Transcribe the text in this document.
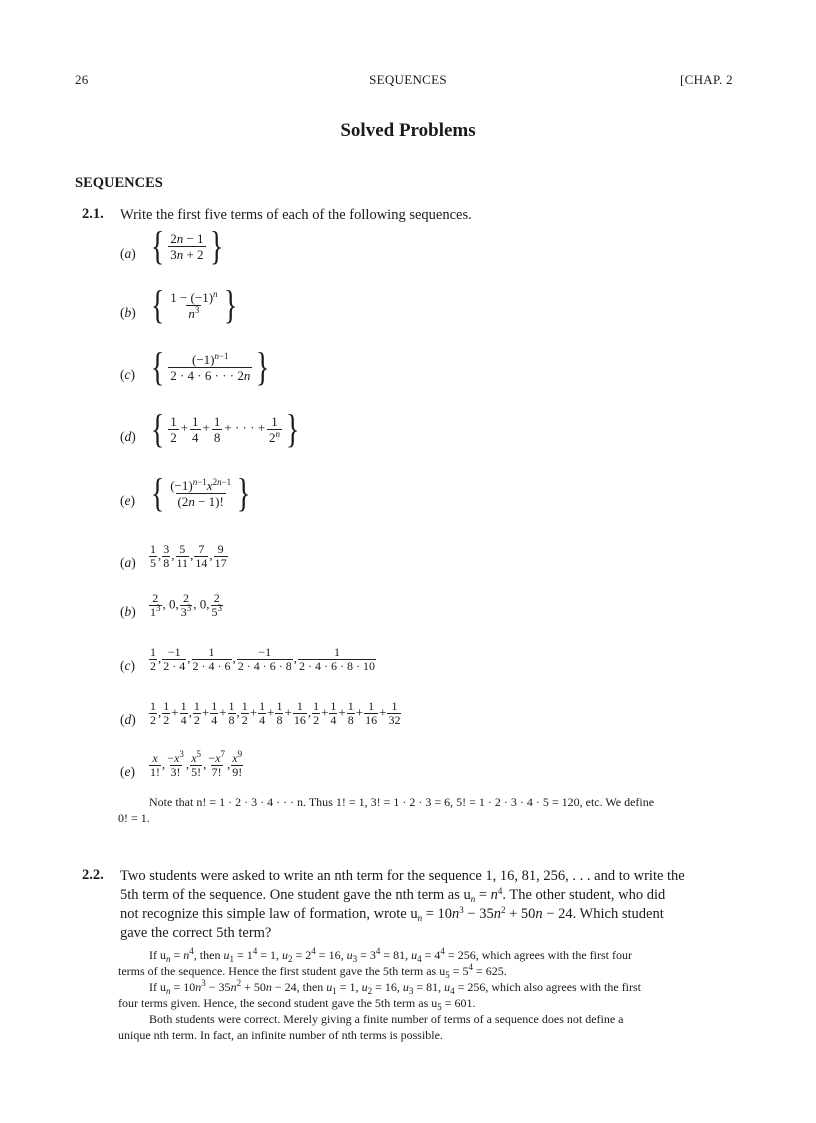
26	SEQUENCES	[CHAP. 2
Solved Problems
SEQUENCES
2.1. Write the first five terms of each of the following sequences.
(a) { $\frac{2n - 1}{3n + 2}$ }
(b) { $\frac{1 - (-1)^n}{n^3}$ }
(c) { $\frac{(-1)^{n-1}}{2 \cdot 4 \cdot 6 \cdot \cdot \cdot 2n}$ }
(d) { $\frac{1}{2} + \frac{1}{4} + \frac{1}{8}$ + · · · + $\frac{1}{2^n}$ }
(e) { $\frac{(-1)^{n-1}x^{2n-1}}{(2n - 1)!}$ }
$(a) \frac{1}{5}$ , $\frac{3}{8}$ , $\frac{5}{11}$ , $\frac{7}{14}$ , $\frac{9}{17}$
$(b) \frac{2}{1^3}$ , 0, $\frac{2}{3^3}$ , 0, $\frac{2}{5^3}$
$(c) \frac{1}{2}$ , $\frac{-1}{2 \cdot 4}$ , $\frac{1}{2 \cdot 4 \cdot 6}$ , $\frac{-1}{2 \cdot 4 \cdot 6 \cdot 8}$ , $\frac{1}{2 \cdot 4 \cdot 6 \cdot 8 \cdot 10}$
$(d) \frac{1}{2}$ , $\frac{1}{2} + \frac{1}{4}$ , $\frac{1}{2} + \frac{1}{4} + \frac{1}{8}$ , $\frac{1}{2} + \frac{1}{4} + \frac{1}{8} + \frac{1}{16}$ , $\frac{1}{2} + \frac{1}{4} + \frac{1}{8} + \frac{1}{16} + \frac{1}{32}$
$(e) \frac{x}{1!}$ , $\frac{-x^3}{3!}$ , $\frac{x^5}{5!}$ , $\frac{-x^7}{7!}$ , $\frac{x^9}{9!}$
Note that n! = 1 · 2 · 3 · 4 · · · n. Thus 1! = 1, 3! = 1 · 2 · 3 = 6, 5! = 1 · 2 · 3 · 4 · 5 = 120, etc. We define
0! = 1.
2.2. Two students were asked to write an nth term for the sequence 1, 16, 81, 256, . . . and to write the
5th term of the sequence. One student gave the nth term as $u_n = n^4$. The other student, who did
not recognize this simple law of formation, wrote $u_n = 10n^3 - 35n^2 + 50n - 24$. Which student
gave the correct 5th term?
If $u_n = n^4$, then $u_1 = 1^4 = 1$, $u_2 = 2^4 = 16$, $u_3 = 3^4 = 81$, $u_4 = 4^4 = 256$, which agrees with the first four
terms of the sequence. Hence the first student gave the 5th term as $u_5 = 5^4 = 625$.
If $u_n = 10n^3 - 35n^2 + 50n - 24$, then $u_1 = 1$, $u_2 = 16$, $u_3 = 81$, $u_4 = 256$, which also agrees with the first
four terms given. Hence, the second student gave the 5th term as $u_5 = 601$.
Both students were correct. Merely giving a finite number of terms of a sequence does not define a
unique nth term. In fact, an infinite number of nth terms is possible.
